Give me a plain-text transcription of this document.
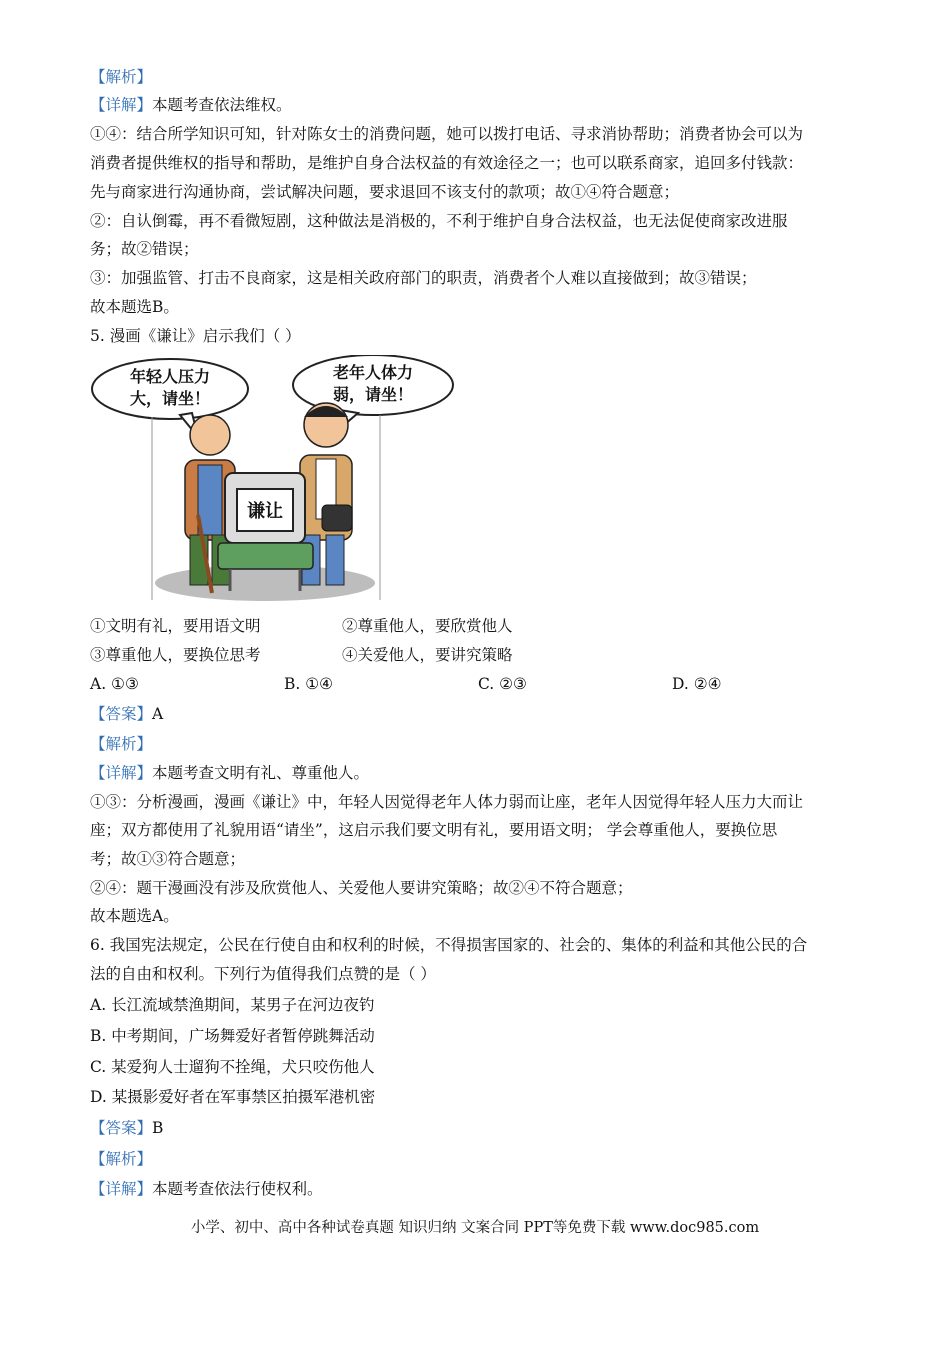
【解析】
【详解】本题考查依法维权。
①④：结合所学知识可知，针对陈女士的消费问题，她可以拨打电话、寻求消协帮助；消费者协会可以为
消费者提供维权的指导和帮助，是维护自身合法权益的有效途径之一；也可以联系商家，追回多付钱款：
先与商家进行沟通协商，尝试解决问题，要求退回不该支付的款项；故①④符合题意；
②：自认倒霉，再不看微短剧，这种做法是消极的，不利于维护自身合法权益，也无法促使商家改进服
务；故②错误；
③：加强监管、打击不良商家，这是相关政府部门的职责，消费者个人难以直接做到；故③错误；
故本题选B。
5. 漫画《谦让》启示我们（ ）
年轻人压力
大，请坐！
老年人体力
弱，请坐！
谦让
①文明有礼，要用语文明	②尊重他人，要欣赏他人
③尊重他人，要换位思考	④关爱他人，要讲究策略
A. ①③	B. ①④	C. ②③	D. ②④
【答案】A
【解析】
【详解】本题考查文明有礼、尊重他人。
①③：分析漫画，漫画《谦让》中，年轻人因觉得老年人体力弱而让座，老年人因觉得年轻人压力大而让
座；双方都使用了礼貌用语“请坐”，这启示我们要文明有礼，要用语文明； 学会尊重他人，要换位思
考；故①③符合题意；
②④：题干漫画没有涉及欣赏他人、关爱他人要讲究策略；故②④不符合题意；
故本题选A。
6. 我国宪法规定，公民在行使自由和权利的时候，不得损害国家的、社会的、集体的利益和其他公民的合
法的自由和权利。下列行为值得我们点赞的是（ ）
A. 长江流域禁渔期间，某男子在河边夜钓
B. 中考期间，广场舞爱好者暂停跳舞活动
C. 某爱狗人士遛狗不拴绳，犬只咬伤他人
D. 某摄影爱好者在军事禁区拍摄军港机密
【答案】B
【解析】
【详解】本题考查依法行使权利。
小学、初中、高中各种试卷真题 知识归纳 文案合同 PPT等免费下载 www.doc985.com
